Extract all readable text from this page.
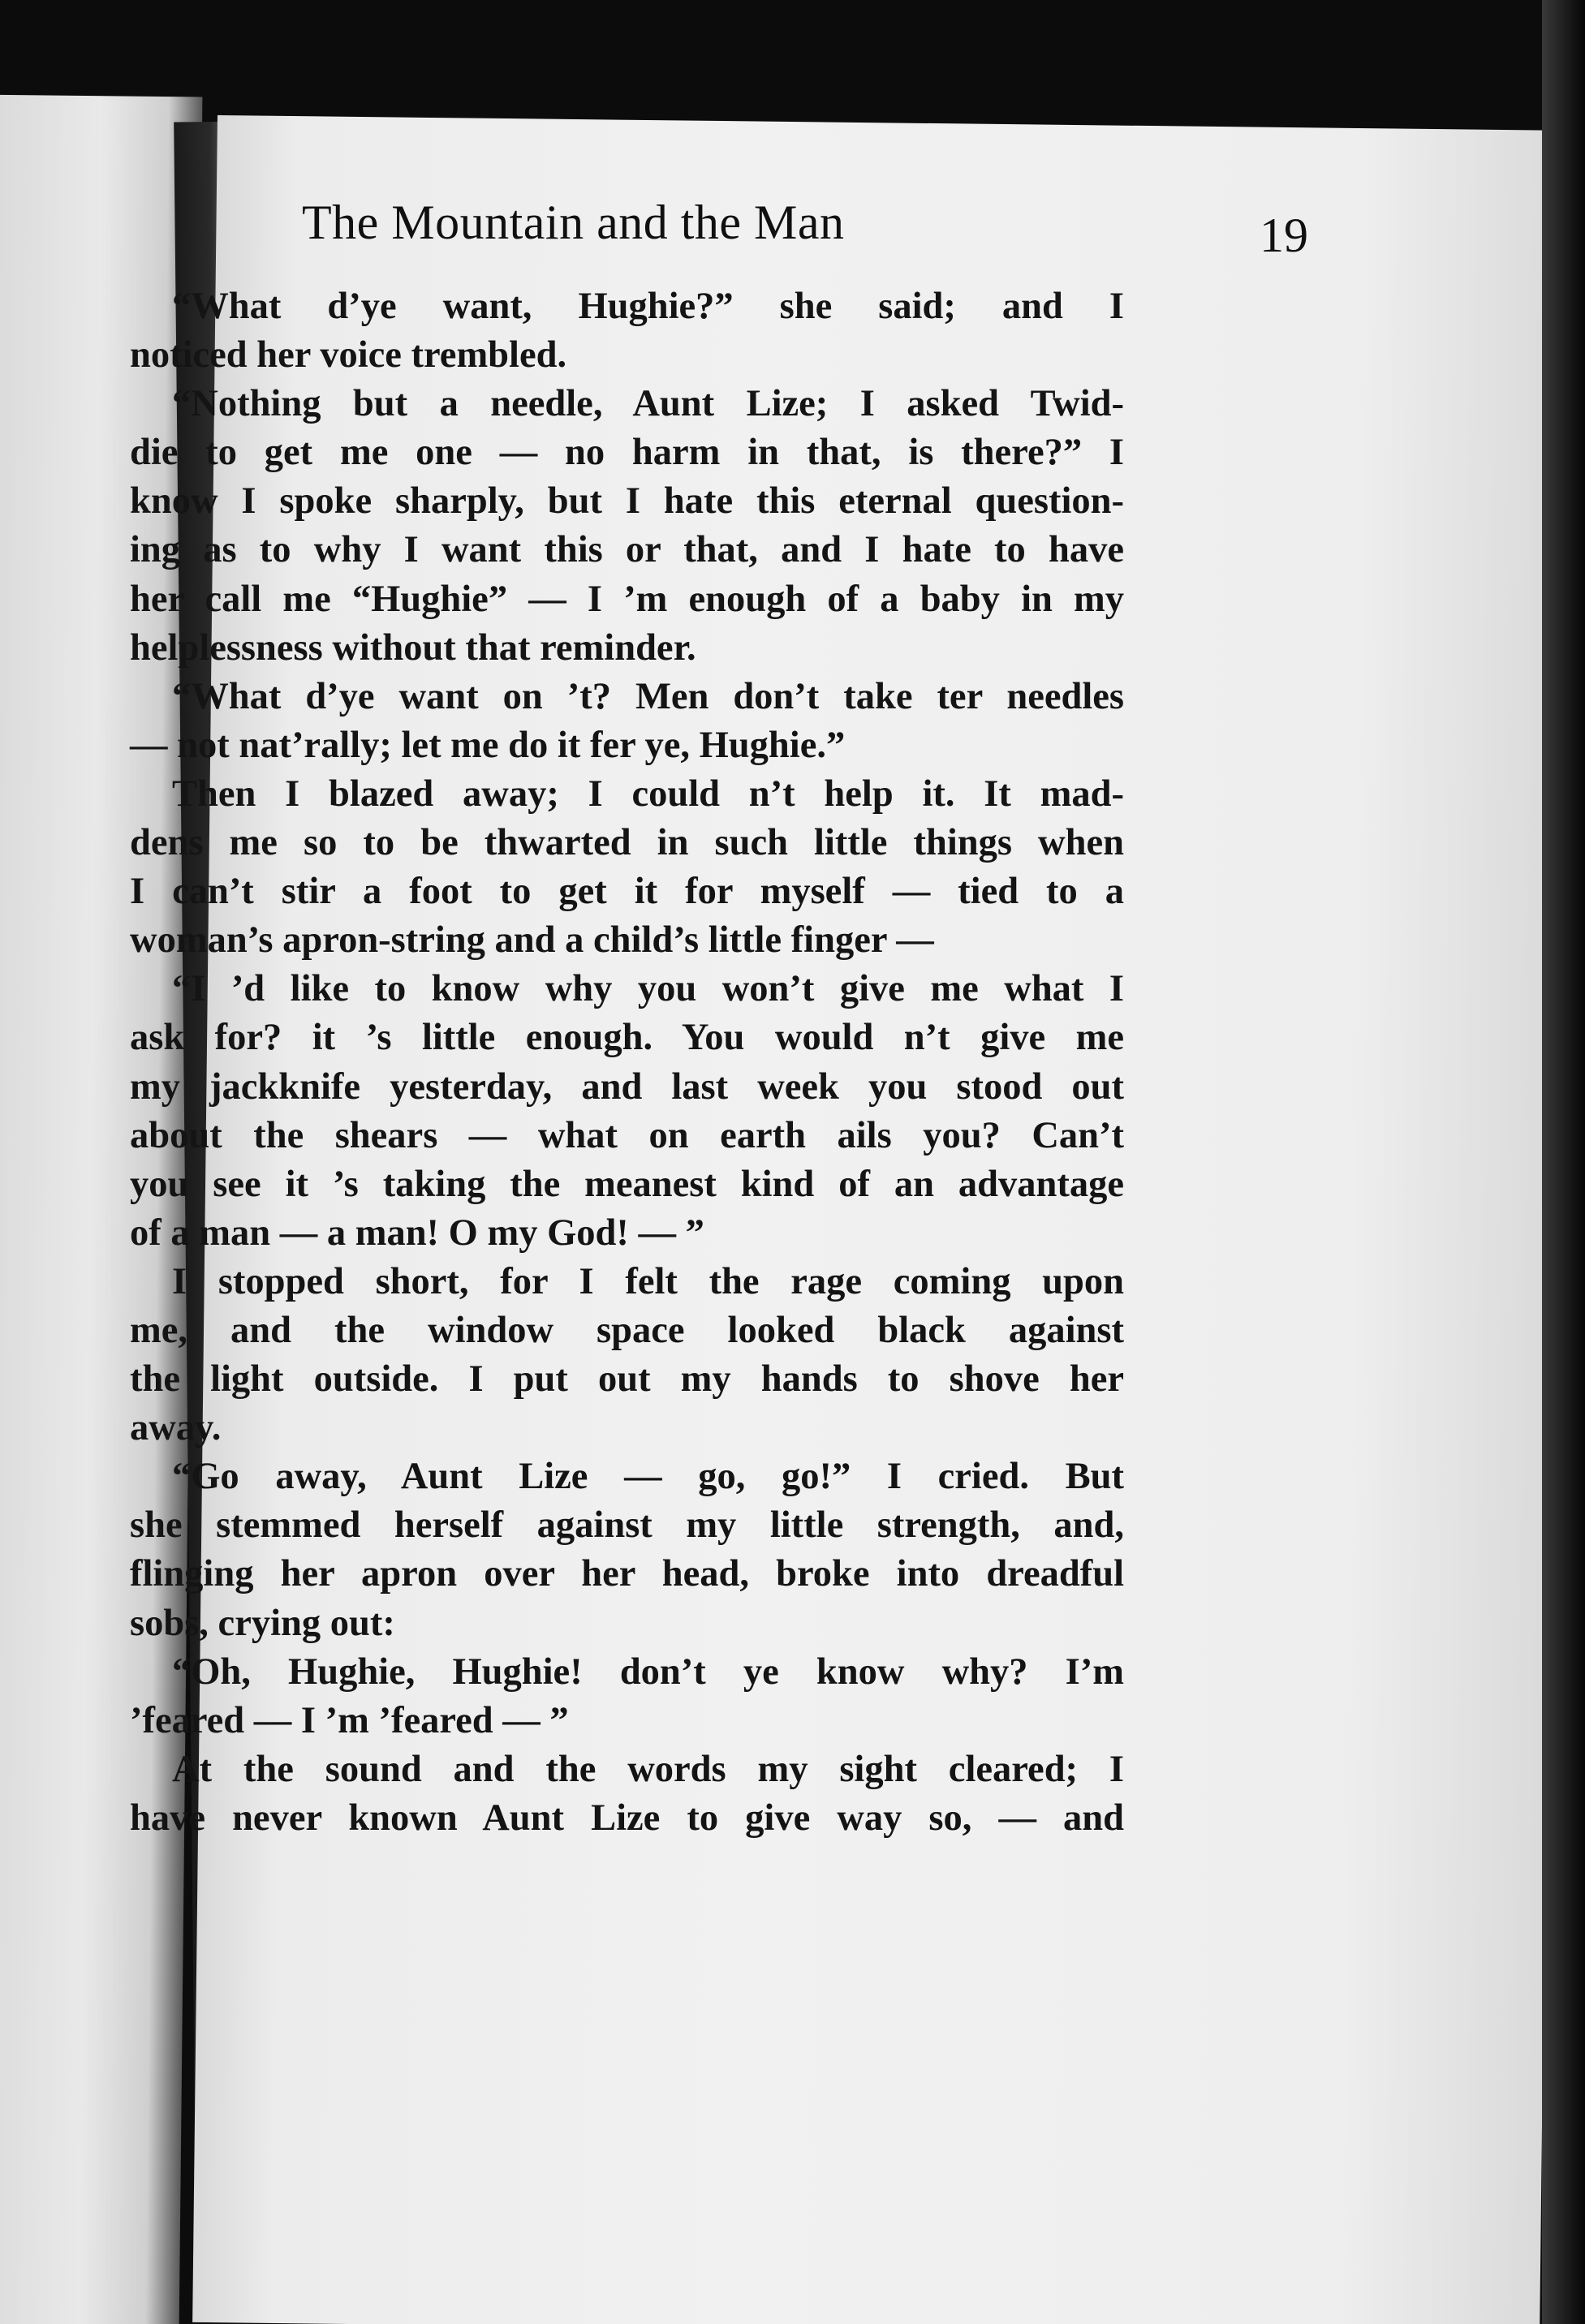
The Mountain and the Man	19

“What d’ye want, Hughie?” she said; and I
noticed her voice trembled.

“Nothing but a needle, Aunt Lize; I asked Twid-
die to get me one — no harm in that, is there?” I
know I spoke sharply, but I hate this eternal question-
ing as to why I want this or that, and I hate to have
her call me “Hughie” — I ’m enough of a baby in my
helplessness without that reminder.

“What d’ye want on ’t? Men don’t take ter needles
— not nat’rally; let me do it fer ye, Hughie.”

Then I blazed away; I could n’t help it. It mad-
dens me so to be thwarted in such little things when
I can’t stir a foot to get it for myself — tied to a
woman’s apron-string and a child’s little finger —

“I ’d like to know why you won’t give me what I
ask for? it ’s little enough. You would n’t give me
my jackknife yesterday, and last week you stood out
about the shears — what on earth ails you? Can’t
you see it ’s taking the meanest kind of an advantage
of a man — a man! O my God! — ”

I stopped short, for I felt the rage coming upon
me, and the window space looked black against
the light outside. I put out my hands to shove her
away.

“Go away, Aunt Lize — go, go!” I cried. But
she stemmed herself against my little strength, and,
flinging her apron over her head, broke into dreadful
sobs, crying out:

“Oh, Hughie, Hughie! don’t ye know why? I’m
’feared — I ’m ’feared — ”

At the sound and the words my sight cleared; I
have never known Aunt Lize to give way so, — and
